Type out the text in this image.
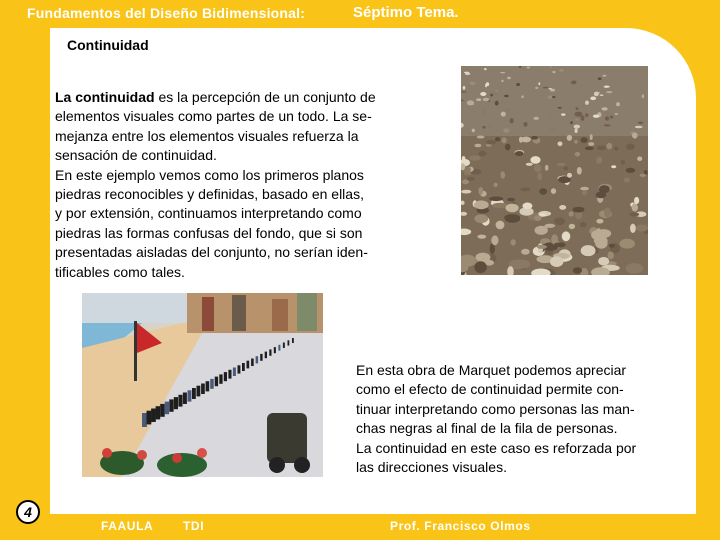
Fundamentos del Diseño Bidimensional:	Séptimo Tema.
Continuidad
La continuidad es la percepción de un conjunto de
elementos visuales como partes de un todo. La se-
mejanza entre los elementos visuales refuerza la
sensación de continuidad.
En este ejemplo vemos como los primeros planos
piedras reconocibles y definidas, basado en ellas,
y por extensión, continuamos interpretando como
piedras las formas confusas del fondo, que si son
presentadas aisladas del conjunto, no serían iden-
tificables como tales.
En esta obra de Marquet podemos apreciar
como el efecto de continuidad permite con-
tinuar interpretando como personas las man-
chas negras al final de la fila de personas.
La continuidad en este caso es reforzada por
las direcciones visuales.
FAAULA TDI	Prof. Francisco Olmos
4
